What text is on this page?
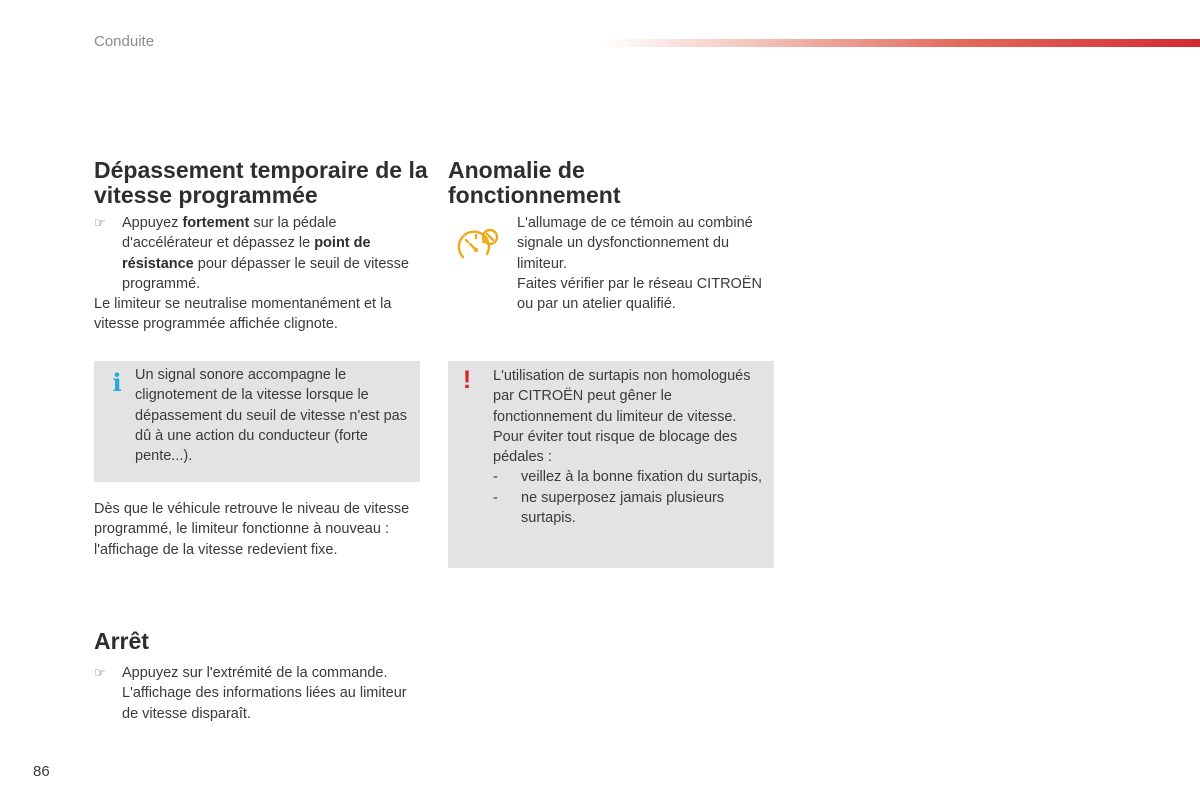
Conduite
Dépassement temporaire de la vitesse programmée
☞	Appuyez fortement sur la pédale d'accélérateur et dépassez le point de résistance pour dépasser le seuil de vitesse programmé.
Le limiteur se neutralise momentanément et la vitesse programmée affichée clignote.
i Un signal sonore accompagne le clignotement de la vitesse lorsque le dépassement du seuil de vitesse n'est pas dû à une action du conducteur (forte pente...).
Dès que le véhicule retrouve le niveau de vitesse programmé, le limiteur fonctionne à nouveau : l'affichage de la vitesse redevient fixe.
Arrêt
☞	Appuyez sur l'extrémité de la commande.
L'affichage des informations liées au limiteur de vitesse disparaît.
Anomalie de fonctionnement
L'allumage de ce témoin au combiné signale un dysfonctionnement du limiteur.
Faites vérifier par le réseau CITROËN ou par un atelier qualifié.
! L'utilisation de surtapis non homologués par CITROËN peut gêner le fonctionnement du limiteur de vitesse.
Pour éviter tout risque de blocage des pédales :
-	veillez à la bonne fixation du surtapis,
-	ne superposez jamais plusieurs surtapis.
86
